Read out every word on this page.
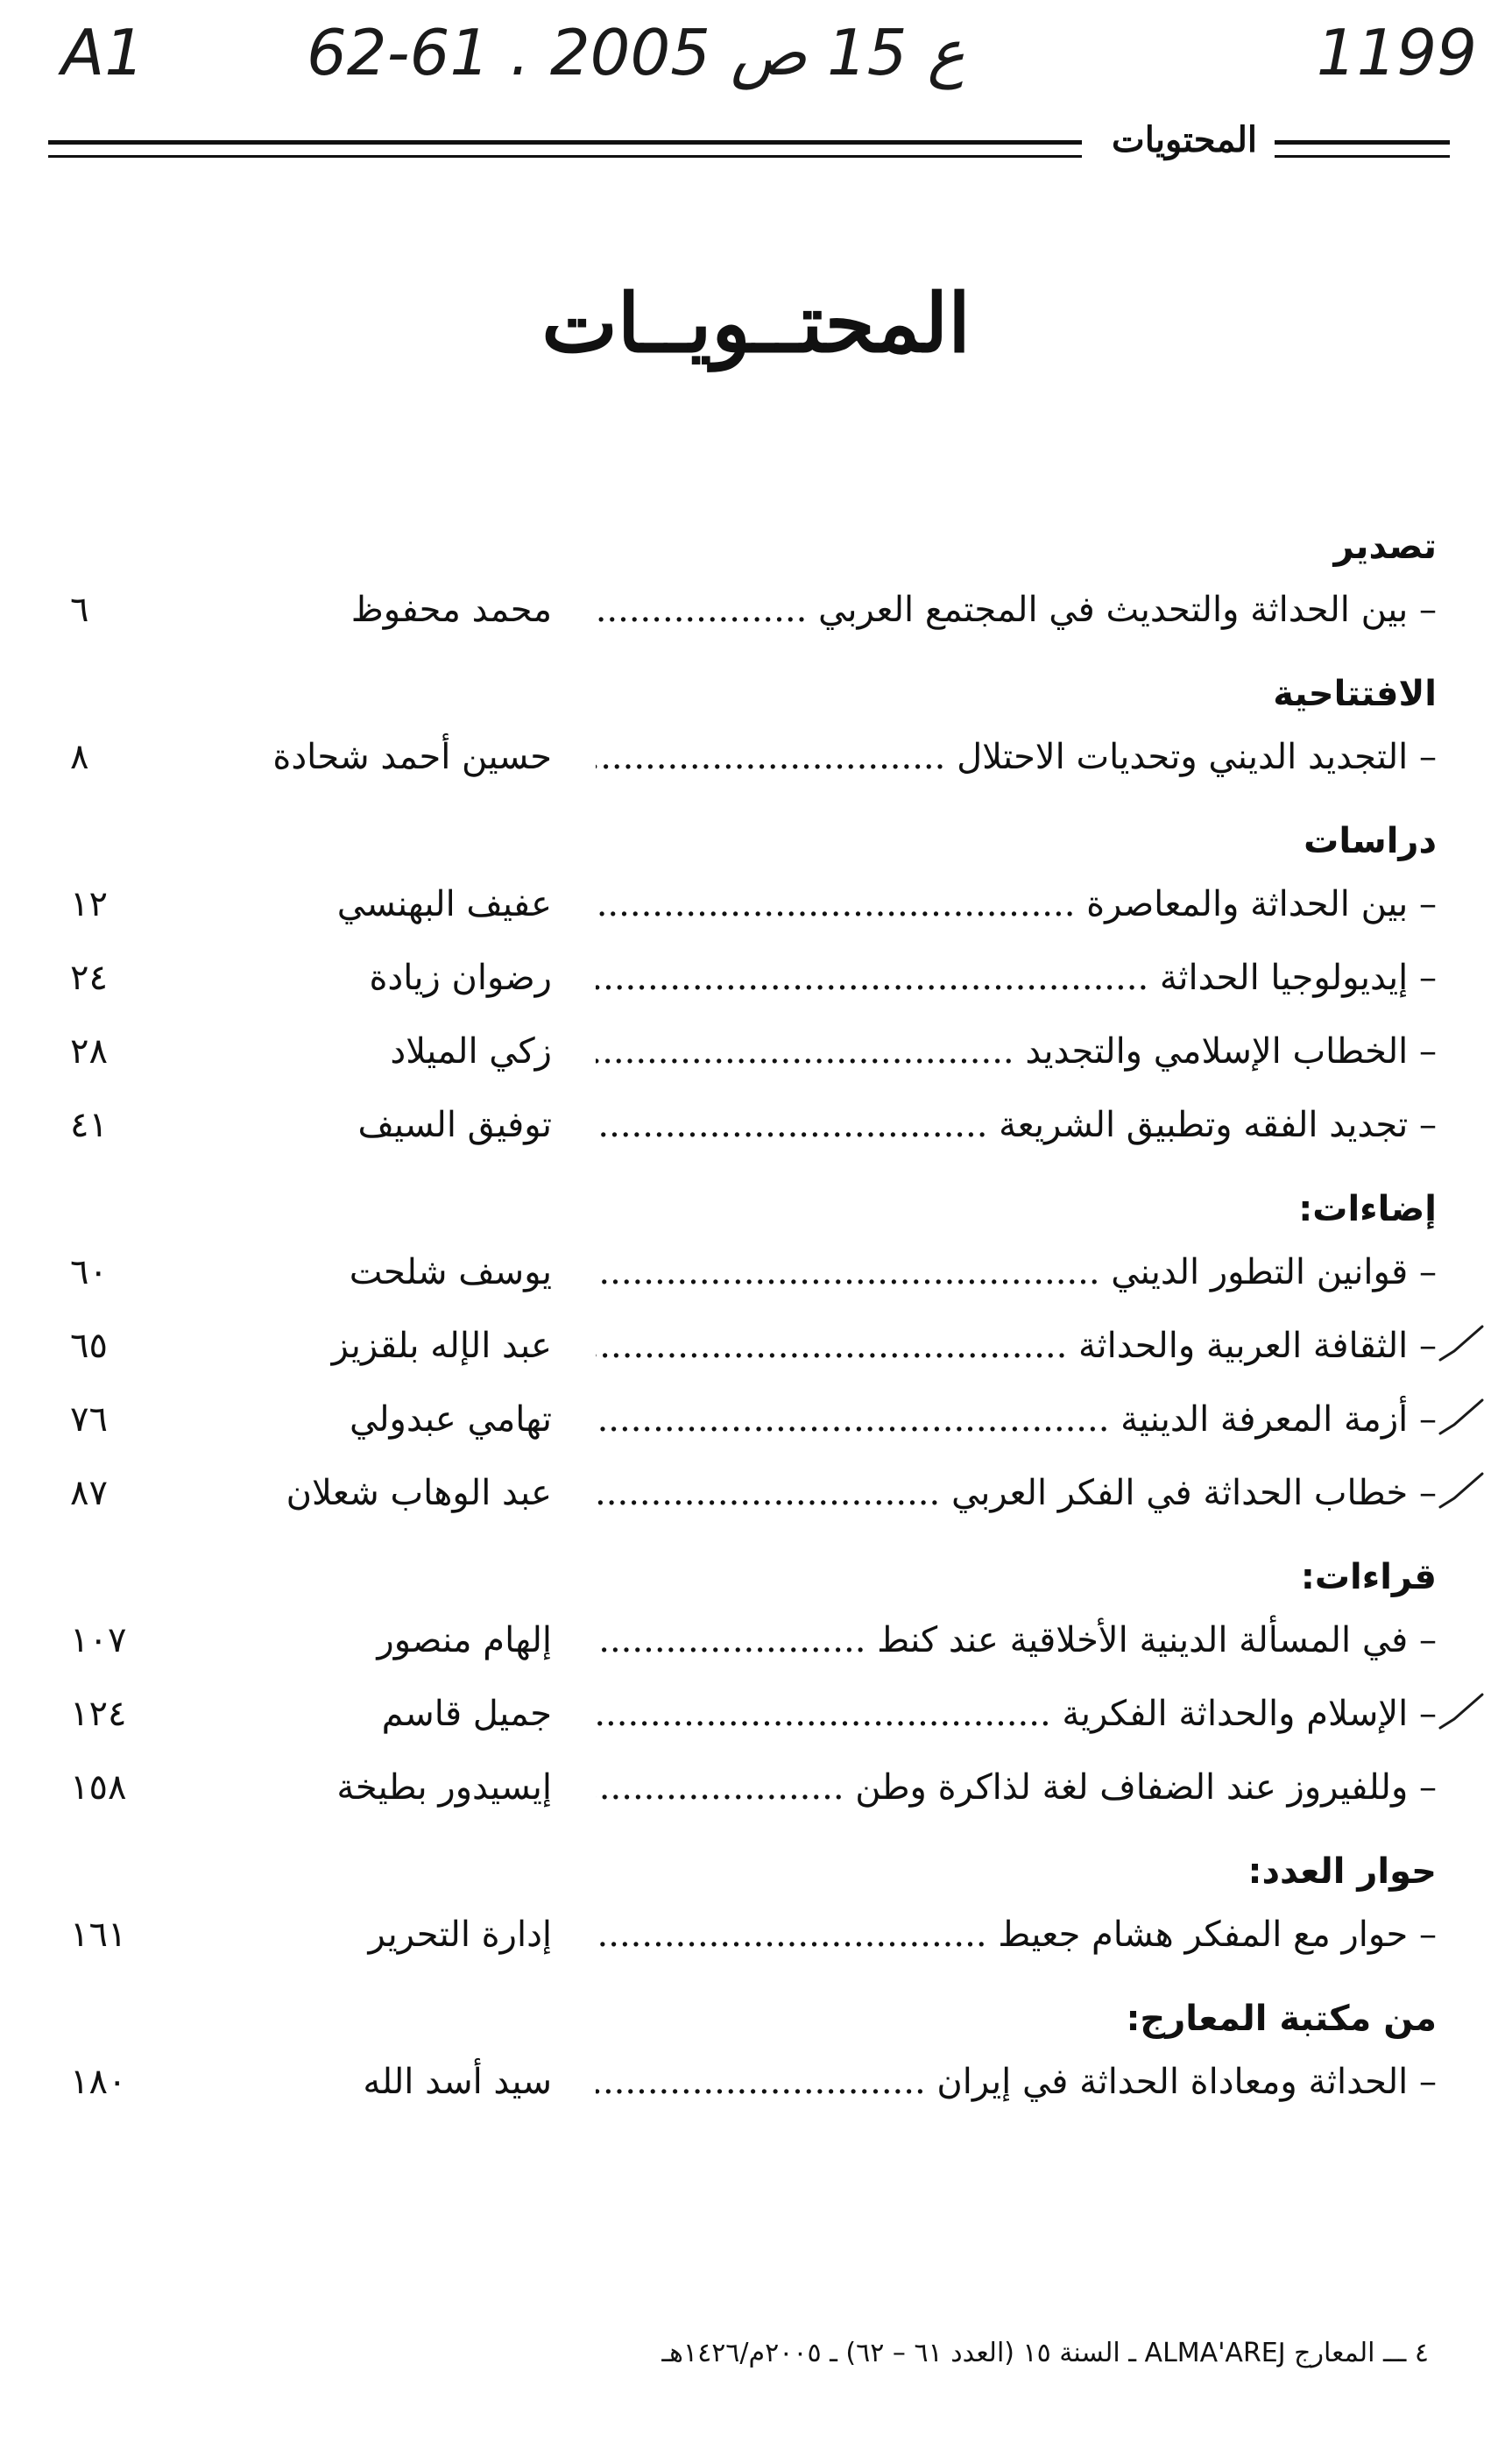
A1	62-61 . ع 15 ص 2005	1199
المحتويات
المحتــويــات
تصدير
– بين الحداثة والتحديث في المجتمع العربي .....
محمد محفوظ
٦
الافتتاحية
– التجديد الديني وتحديات الاحتلال .....
حسين أحمد شحادة
٨
دراسات
– بين الحداثة والمعاصرة .....
عفيف البهنسي
١٢
– إيديولوجيا الحداثة .....
رضوان زيادة
٢٤
– الخطاب الإسلامي والتجديد .....
زكي الميلاد
٢٨
– تجديد الفقه وتطبيق الشريعة .....
توفيق السيف
٤١
إضاءات:
– قوانين التطور الديني .....
يوسف شلحت
٦٠
– الثقافة العربية والحداثة .....
عبد الإله بلقزيز
٦٥
– أزمة المعرفة الدينية .....
تهامي عبدولي
٧٦
– خطاب الحداثة في الفكر العربي .....
عبد الوهاب شعلان
٨٧
قراءات:
– في المسألة الدينية الأخلاقية عند كنط .....
إلهام منصور
١٠٧
– الإسلام والحداثة الفكرية .....
جميل قاسم
١٢٤
– وللفيروز عند الضفاف لغة لذاكرة وطن .....
إيسيدور بطيخة
١٥٨
حوار العدد:
– حوار مع المفكر هشام جعيط .....
إدارة التحرير
١٦١
من مكتبة المعارج:
– الحداثة ومعاداة الحداثة في إيران .....
سيد أسد الله
١٨٠
٤ ـــ المعارج ALMA'AREJ ـ السنة ١٥ (العدد ٦١ – ٦٢) ـ ٢٠٠٥م/١٤٢٦هـ
